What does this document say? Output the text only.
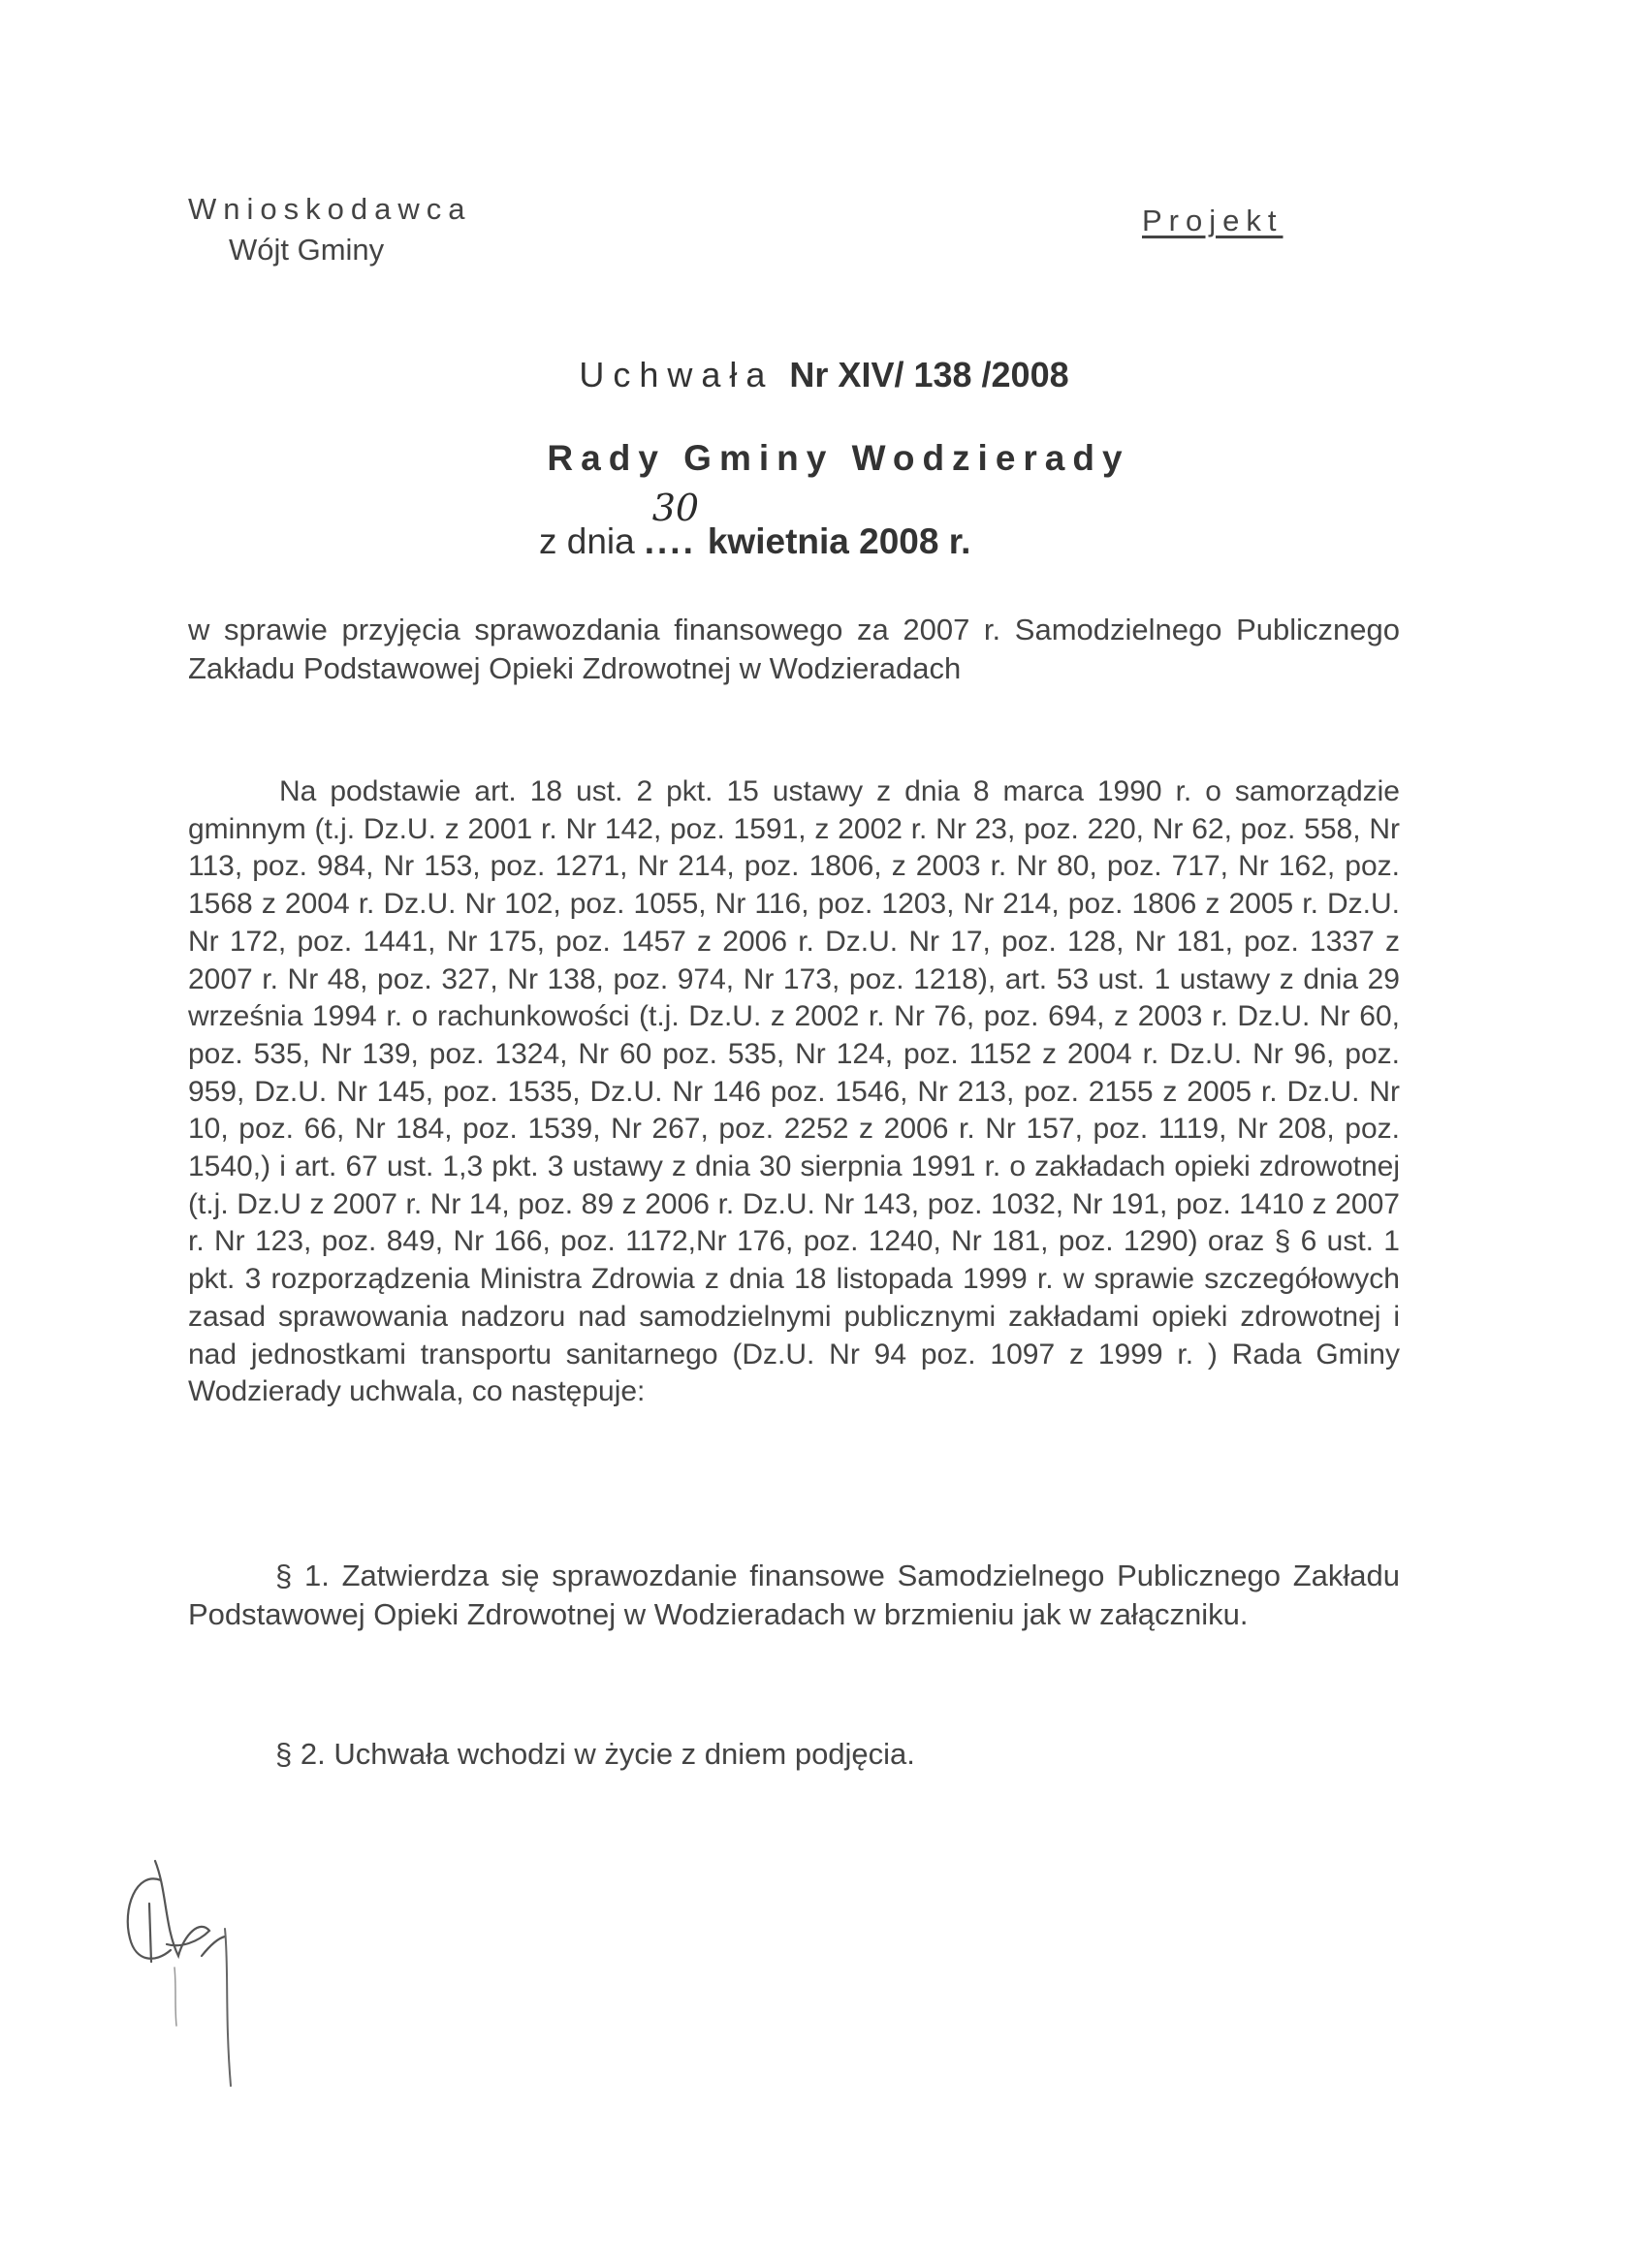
Wnioskodawca
Wójt Gminy
Projekt
Uchwała Nr XIV/ 138 /2008
Rady Gminy Wodzierady
z dnia ....
30
kwietnia 2008 r.
w sprawie przyjęcia sprawozdania finansowego za 2007 r. Samodzielnego Publicznego Zakładu Podstawowej Opieki Zdrowotnej w Wodzieradach
Na podstawie art. 18 ust. 2 pkt. 15 ustawy z dnia 8 marca 1990 r. o samorządzie gminnym (t.j. Dz.U. z 2001 r. Nr 142, poz. 1591, z 2002 r. Nr 23, poz. 220, Nr 62, poz. 558, Nr 113, poz. 984, Nr 153, poz. 1271, Nr 214, poz. 1806, z 2003 r. Nr 80, poz. 717, Nr 162, poz. 1568 z 2004 r. Dz.U. Nr 102, poz. 1055, Nr 116, poz. 1203, Nr 214, poz. 1806 z 2005 r. Dz.U. Nr 172, poz. 1441, Nr 175, poz. 1457 z 2006 r. Dz.U. Nr 17, poz. 128, Nr 181, poz. 1337 z 2007 r. Nr 48, poz. 327, Nr 138, poz. 974, Nr 173, poz. 1218), art. 53 ust. 1 ustawy z dnia 29 września 1994 r. o rachunkowości (t.j. Dz.U. z 2002 r. Nr 76, poz. 694, z 2003 r. Dz.U. Nr 60, poz. 535, Nr 139, poz. 1324, Nr 60 poz. 535, Nr 124, poz. 1152 z 2004 r. Dz.U. Nr 96, poz. 959, Dz.U. Nr 145, poz. 1535, Dz.U. Nr 146 poz. 1546, Nr 213, poz. 2155 z 2005 r. Dz.U. Nr 10, poz. 66, Nr 184, poz. 1539, Nr 267, poz. 2252 z 2006 r. Nr 157, poz. 1119, Nr 208, poz. 1540,) i art. 67 ust. 1,3 pkt. 3 ustawy z dnia 30 sierpnia 1991 r. o zakładach opieki zdrowotnej (t.j. Dz.U z 2007 r. Nr 14, poz. 89 z 2006 r. Dz.U. Nr 143, poz. 1032, Nr 191, poz. 1410 z 2007 r. Nr 123, poz. 849, Nr 166, poz. 1172,Nr 176, poz. 1240, Nr 181, poz. 1290) oraz § 6 ust. 1 pkt. 3 rozporządzenia Ministra Zdrowia z dnia 18 listopada 1999 r. w sprawie szczegółowych zasad sprawowania nadzoru nad samodzielnymi publicznymi zakładami opieki zdrowotnej i nad jednostkami transportu sanitarnego (Dz.U. Nr 94 poz. 1097 z 1999 r. ) Rada Gminy Wodzierady uchwala, co następuje:
§ 1. Zatwierdza się sprawozdanie finansowe Samodzielnego Publicznego Zakładu Podstawowej Opieki Zdrowotnej w Wodzieradach w brzmieniu jak w załączniku.
§ 2. Uchwała wchodzi w życie z dniem podjęcia.
